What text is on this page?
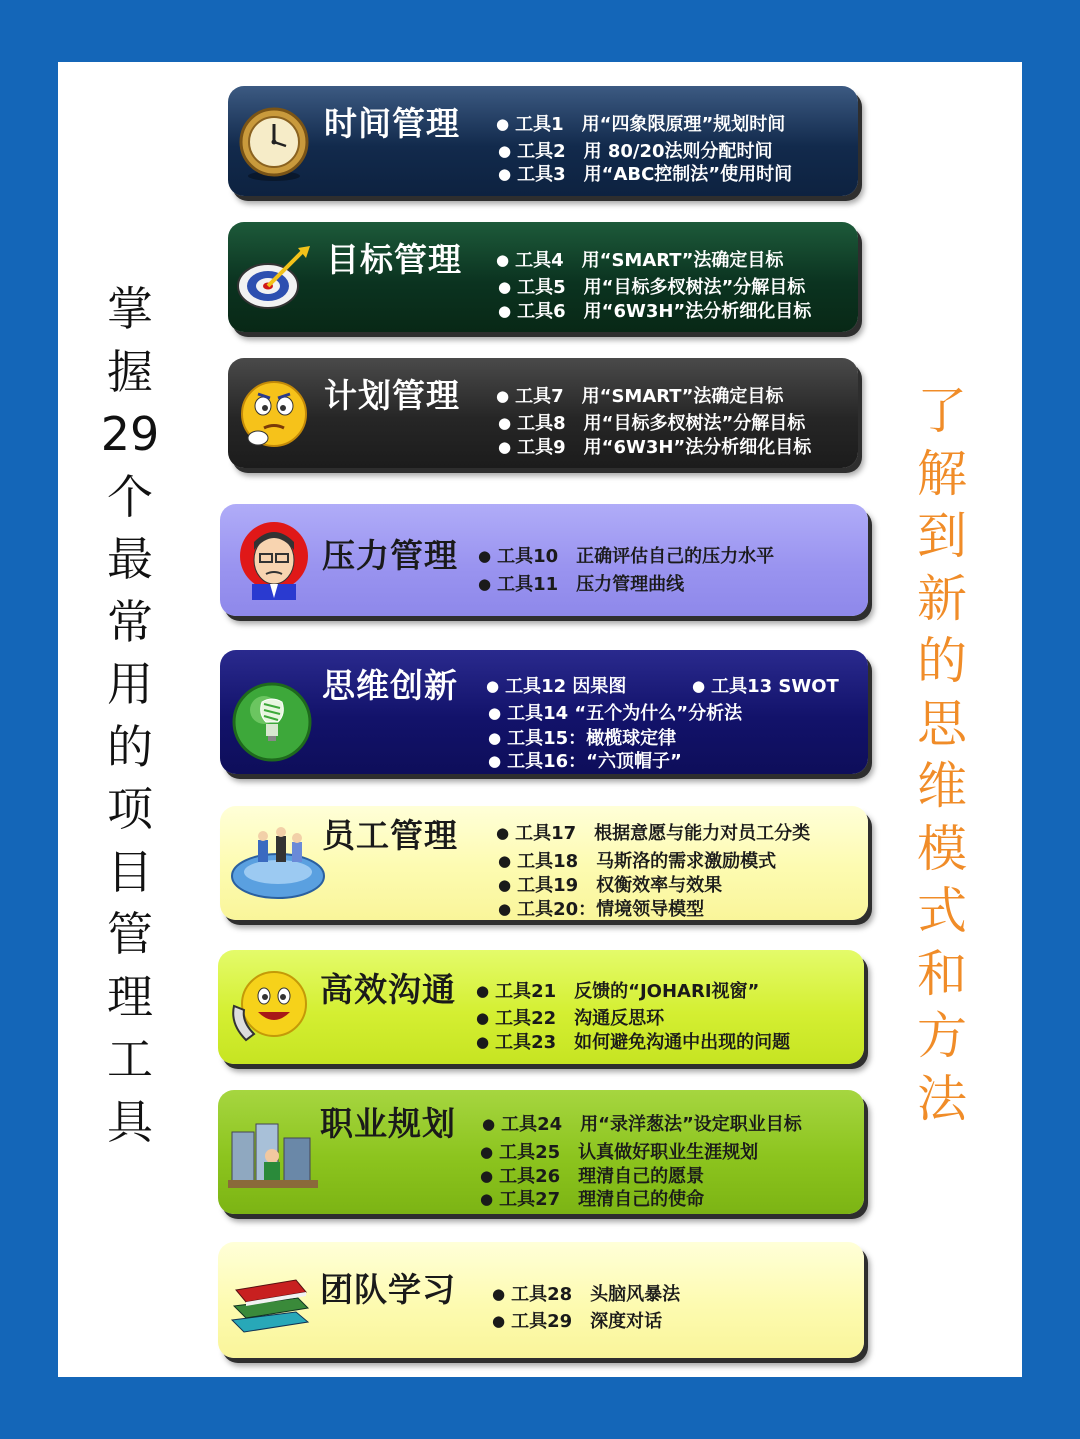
掌
握
29
个
最
常
用
的
项
目
管
理
工
具
了
解
到
新
的
思
维
模
式
和
方
法
时间管理	● 工具1　用“四象限原理”规划时间
● 工具2　用 80/20法则分配时间
● 工具3　用“ABC控制法”使用时间
目标管理	● 工具4　用“SMART”法确定目标
● 工具5　用“目标多杈树法”分解目标
● 工具6　用“6W3H”法分析细化目标
计划管理	● 工具7　用“SMART”法确定目标
● 工具8　用“目标多杈树法”分解目标
● 工具9　用“6W3H”法分析细化目标
压力管理	● 工具10　正确评估自己的压力水平
● 工具11　压力管理曲线
思维创新	● 工具12 因果图	● 工具13 SWOT
● 工具14 “五个为什么”分析法
● 工具15：橄榄球定律
● 工具16：“六顶帽子”
员工管理	● 工具17　根据意愿与能力对员工分类
● 工具18　马斯洛的需求激励模式
● 工具19　权衡效率与效果
● 工具20：情境领导模型
高效沟通	● 工具21　反馈的“JOHARI视窗”
● 工具22　沟通反思环
● 工具23　如何避免沟通中出现的问题
职业规划	● 工具24　用“录洋葱法”设定职业目标
● 工具25　认真做好职业生涯规划
● 工具26　理清自己的愿景
● 工具27　理清自己的使命
团队学习	● 工具28　头脑风暴法
● 工具29　深度对话
